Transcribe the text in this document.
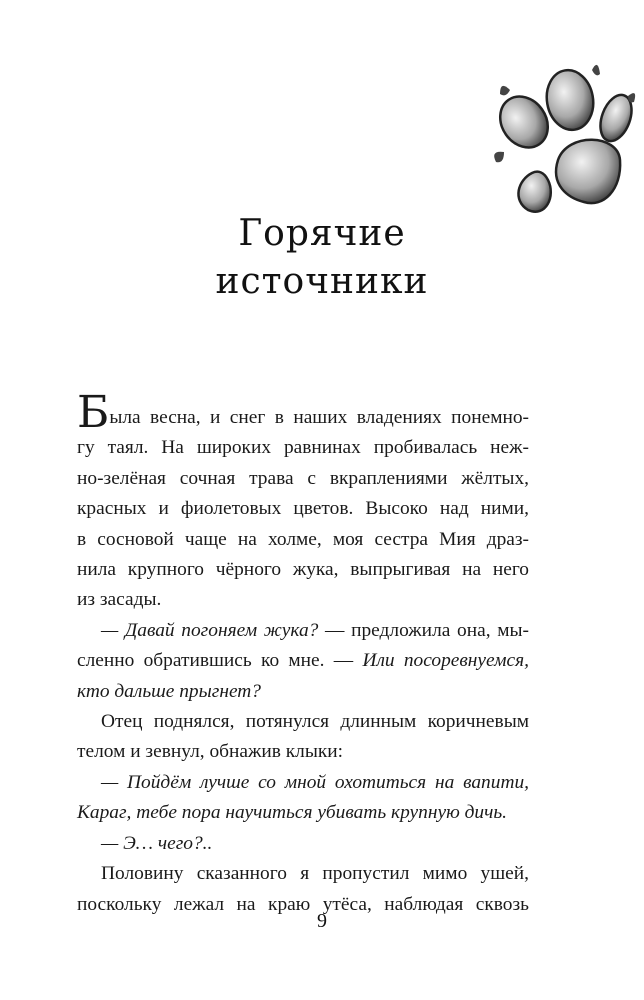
Горячие
источники

Была весна, и снег в наших владениях понемно-

гу таял. На широких равнинах пробивалась неж-

но-зелёная сочная трава с вкраплениями жёлтых,

красных и фиолетовых цветов. Высоко над ними,

в сосновой чаще на холме, моя сестра Мия драз-

нила крупного чёрного жука, выпрыгивая на него

из засады.

— Давай погоняем жука? — предложила она, мы-

сленно обратившись ко мне. — Или посоревнуемся,

кто дальше прыгнет?

Отец поднялся, потянулся длинным коричневым

телом и зевнул, обнажив клыки:

— Пойдём лучше со мной охотиться на вапити,

Караг, тебе пора научиться убивать крупную дичь.

— Э… чего?..

Половину сказанного я пропустил мимо ушей,

поскольку лежал на краю утёса, наблюдая сквозь

9
